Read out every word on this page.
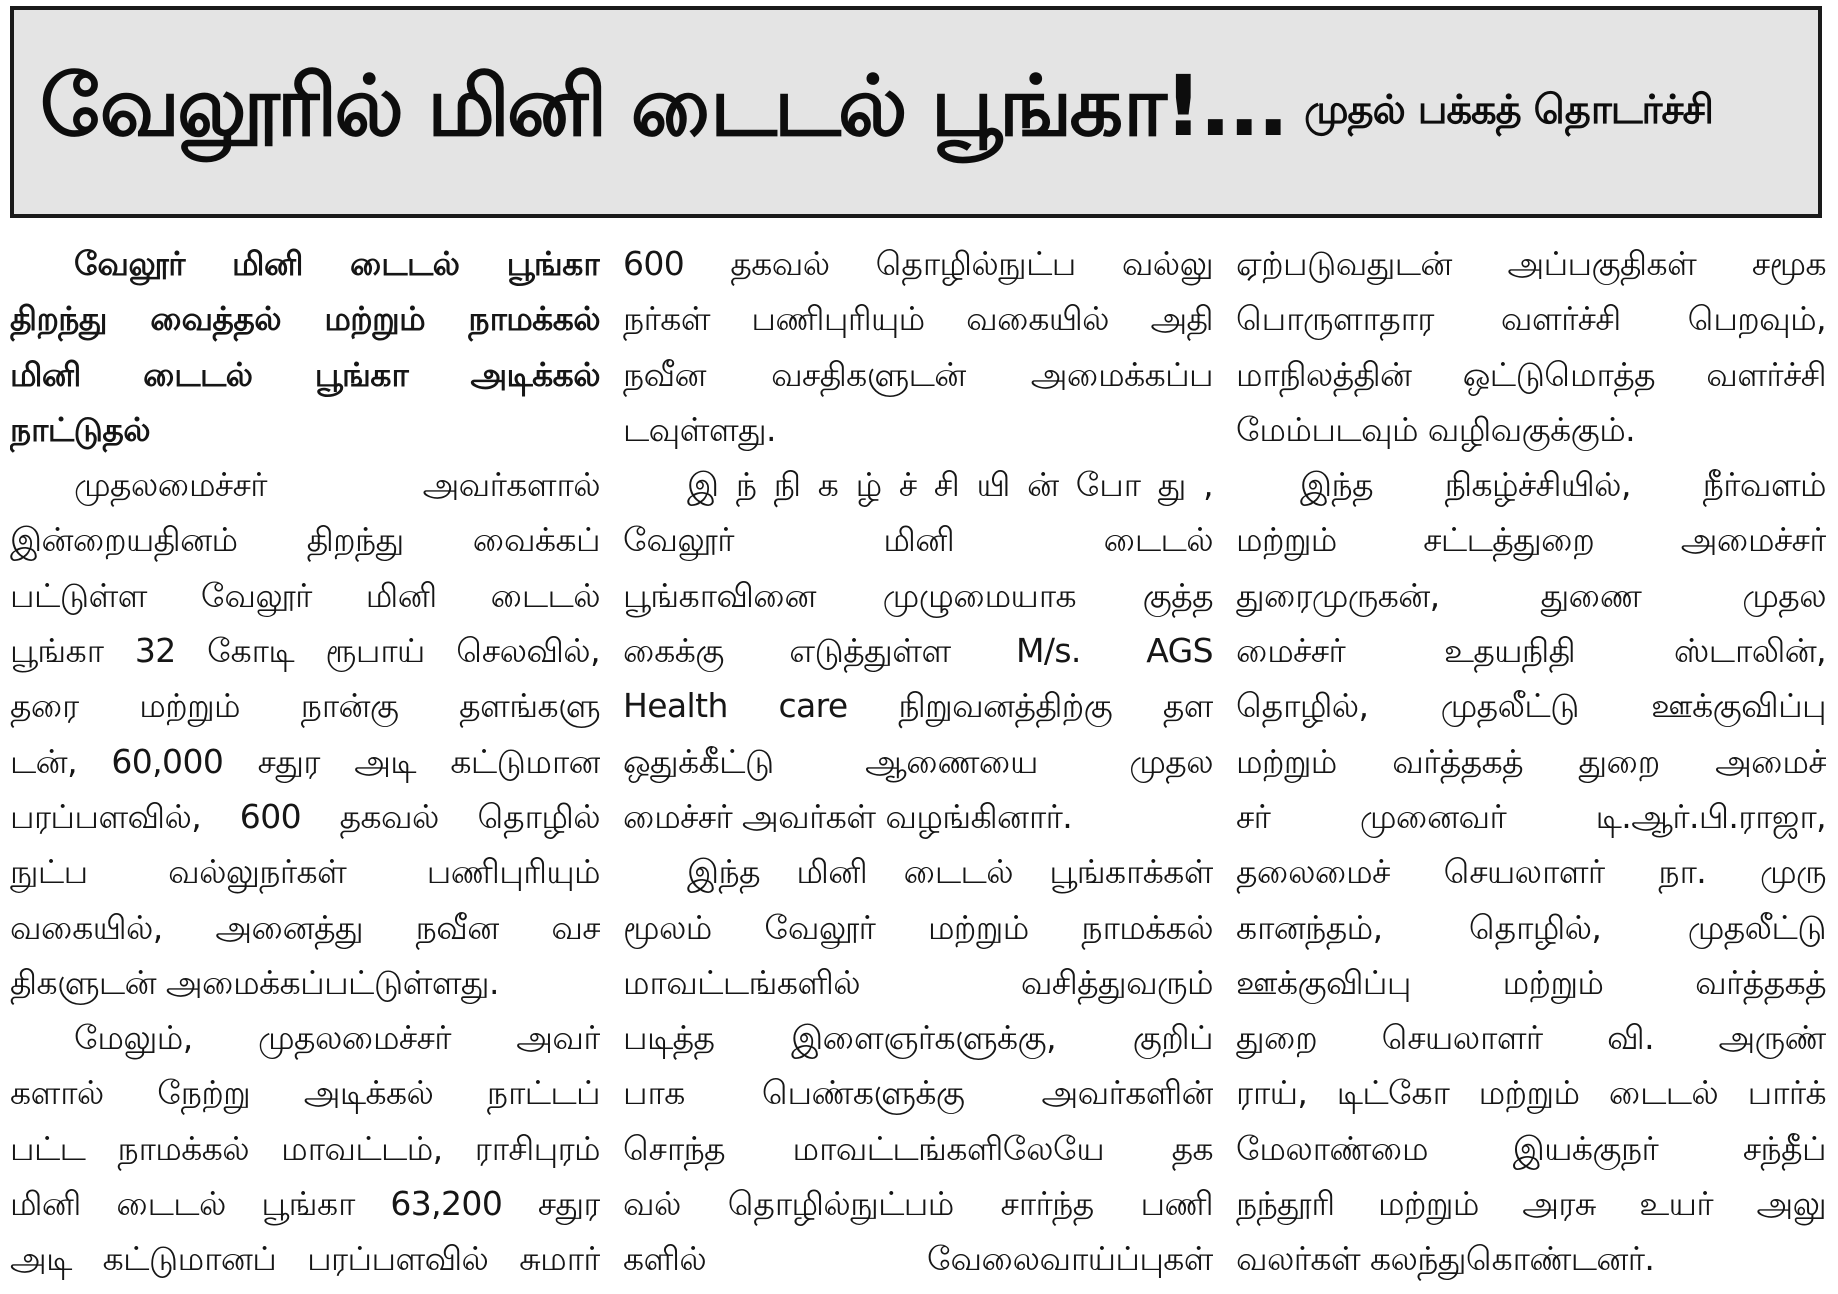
வேலூரில் மினி டைடல் பூங்கா!... முதல் பக்கத் தொடர்ச்சி
வேலூர் மினி டைடல் பூங்கா
திறந்து வைத்தல் மற்றும் நாமக்கல்
மினி டைடல் பூங்கா அடிக்கல்
நாட்டுதல்
முதலமைச்சர் அவர்களால்
இன்றையதினம் திறந்து வைக்கப்
பட்டுள்ள வேலூர் மினி டைடல்
பூங்கா 32 கோடி ரூபாய் செலவில்,
தரை மற்றும் நான்கு தளங்களு
டன், 60,000 சதுர அடி கட்டுமான
பரப்பளவில், 600 தகவல் தொழில்
நுட்ப வல்லுநர்கள் பணிபுரியும்
வகையில், அனைத்து நவீன வச
திகளுடன் அமைக்கப்பட்டுள்ளது.
மேலும், முதலமைச்சர் அவர்
களால் நேற்று அடிக்கல் நாட்டப்
பட்ட நாமக்கல் மாவட்டம், ராசிபுரம்
மினி டைடல் பூங்கா 63,200 சதுர
அடி கட்டுமானப் பரப்பளவில் சுமார்
600 தகவல் தொழில்நுட்ப வல்லு
நர்கள் பணிபுரியும் வகையில் அதி
நவீன வசதிகளுடன் அமைக்கப்ப
டவுள்ளது.
இ ந் நி க ழ் ச் சி யி ன் போ து ,
வேலூர் மினி டைடல்
பூங்காவினை முழுமையாக குத்த
கைக்கு எடுத்துள்ள M/s. AGS
Health care நிறுவனத்திற்கு தள
ஒதுக்கீட்டு ஆணையை முதல
மைச்சர் அவர்கள் வழங்கினார்.
இந்த மினி டைடல் பூங்காக்கள்
மூலம் வேலூர் மற்றும் நாமக்கல்
மாவட்டங்களில் வசித்துவரும்
படித்த இளைஞர்களுக்கு, குறிப்
பாக பெண்களுக்கு அவர்களின்
சொந்த மாவட்டங்களிலேயே தக
வல் தொழில்நுட்பம் சார்ந்த பணி
களில் வேலைவாய்ப்புகள்
ஏற்படுவதுடன் அப்பகுதிகள் சமூக
பொருளாதார வளர்ச்சி பெறவும்,
மாநிலத்தின் ஒட்டுமொத்த வளர்ச்சி
மேம்படவும் வழிவகுக்கும்.
இந்த நிகழ்ச்சியில், நீர்வளம்
மற்றும் சட்டத்துறை அமைச்சர்
துரைமுருகன், துணை முதல
மைச்சர் உதயநிதி ஸ்டாலின்,
தொழில், முதலீட்டு ஊக்குவிப்பு
மற்றும் வர்த்தகத் துறை அமைச்
சர் முனைவர் டி.ஆர்.பி.ராஜா,
தலைமைச் செயலாளர் நா. முரு
கானந்தம், தொழில், முதலீட்டு
ஊக்குவிப்பு மற்றும் வர்த்தகத்
துறை செயலாளர் வி. அருண்
ராய், டிட்கோ மற்றும் டைடல் பார்க்
மேலாண்மை இயக்குநர் சந்தீப்
நந்தூரி மற்றும் அரசு உயர் அலு
வலர்கள் கலந்துகொண்டனர்.
